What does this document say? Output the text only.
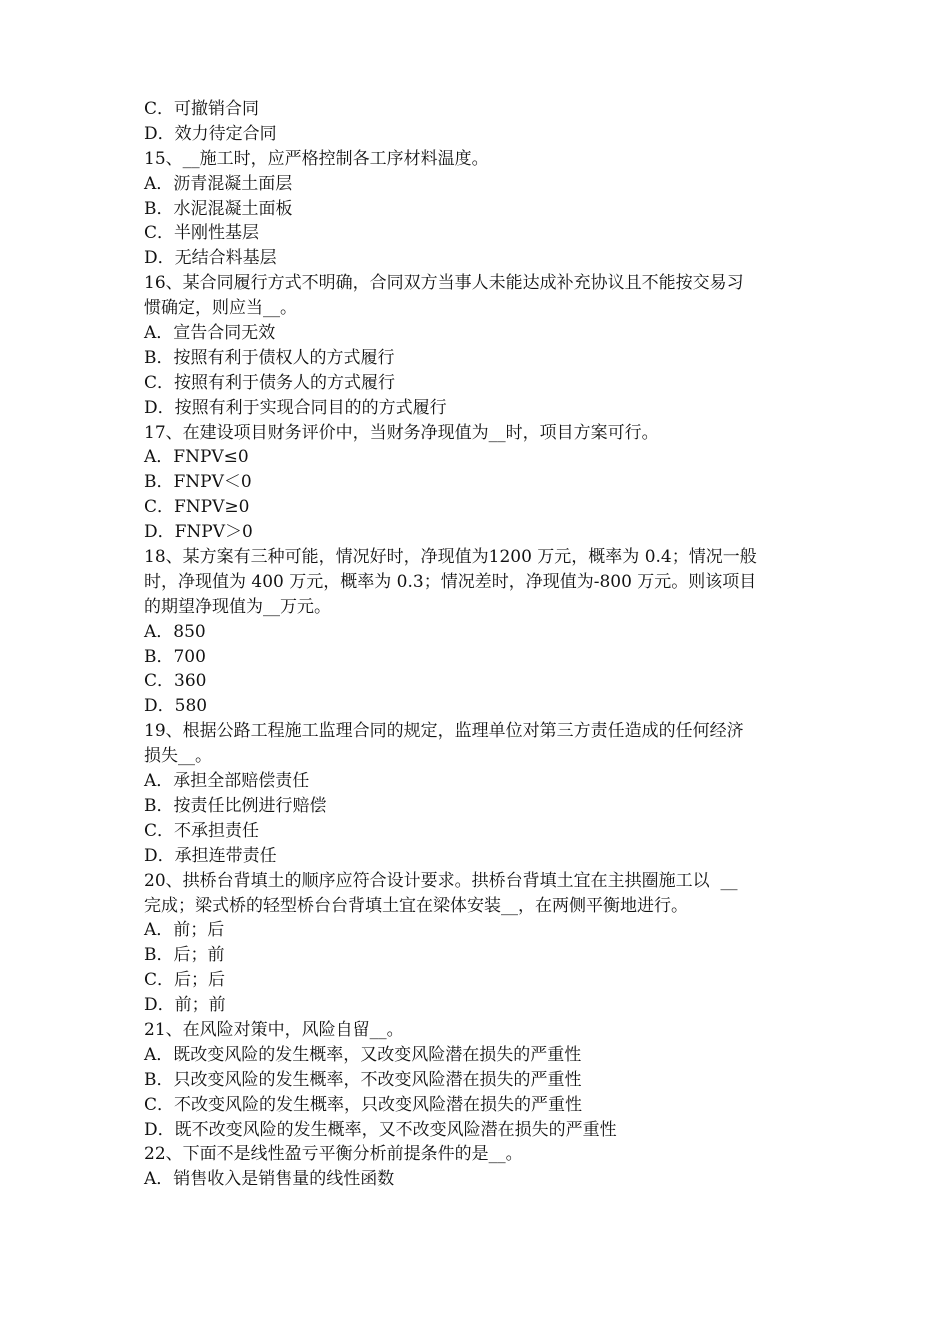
C．可撤销合同
D．效力待定合同
15、__施工时，应严格控制各工序材料温度。
A．沥青混凝土面层
B．水泥混凝土面板
C．半刚性基层
D．无结合料基层
16、某合同履行方式不明确，合同双方当事人未能达成补充协议且不能按交易习
惯确定，则应当__。
A．宣告合同无效
B．按照有利于债权人的方式履行
C．按照有利于债务人的方式履行
D．按照有利于实现合同目的的方式履行
17、在建设项目财务评价中，当财务净现值为__时，项目方案可行。
A．FNPV≤0
B．FNPV＜0
C．FNPV≥0
D．FNPV＞0
18、某方案有三种可能，情况好时，净现值为1200 万元，概率为 0.4；情况一般
时，净现值为 400 万元，概率为 0.3；情况差时，净现值为-800 万元。则该项目
的期望净现值为__万元。
A．850
B．700
C．360
D．580
19、根据公路工程施工监理合同的规定，监理单位对第三方责任造成的任何经济
损失__。
A．承担全部赔偿责任
B．按责任比例进行赔偿
C．不承担责任
D．承担连带责任
20、拱桥台背填土的顺序应符合设计要求。拱桥台背填土宜在主拱圈施工以  __
完成；梁式桥的轻型桥台台背填土宜在梁体安装__，在两侧平衡地进行。
A．前；后
B．后；前
C．后；后
D．前；前
21、在风险对策中，风险自留__。
A．既改变风险的发生概率，又改变风险潜在损失的严重性
B．只改变风险的发生概率，不改变风险潜在损失的严重性
C．不改变风险的发生概率，只改变风险潜在损失的严重性
D．既不改变风险的发生概率，又不改变风险潜在损失的严重性
22、下面不是线性盈亏平衡分析前提条件的是__。
A．销售收入是销售量的线性函数
